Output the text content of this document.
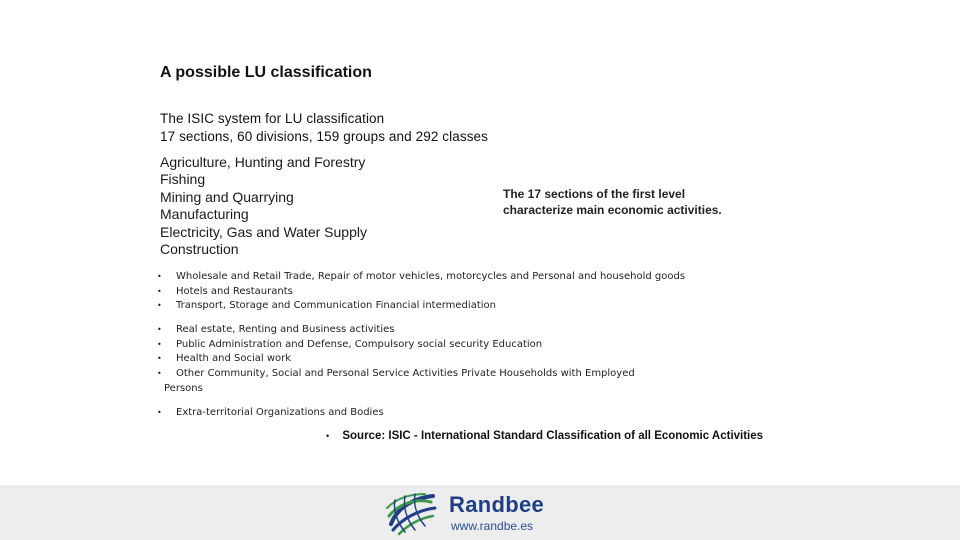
A possible LU classification
The ISIC system for LU classification
17 sections, 60 divisions, 159 groups and 292 classes
Agriculture, Hunting and Forestry
Fishing
Mining and Quarrying
Manufacturing
Electricity, Gas and Water Supply
Construction
The 17 sections of the first level
characterize main economic activities.
•	Wholesale and Retail Trade, Repair of motor vehicles, motorcycles and Personal and household goods
•	Hotels and Restaurants
•	Transport, Storage and Communication Financial intermediation
•	Real estate, Renting and Business activities
•	Public Administration and Defense, Compulsory social security Education
•	Health and Social work
•	Other Community, Social and Personal Service Activities Private Households with Employed
Persons
•	Extra-territorial Organizations and Bodies
• Source: ISIC - International Standard Classification of all Economic Activities
Randbee
www.randbe.es
